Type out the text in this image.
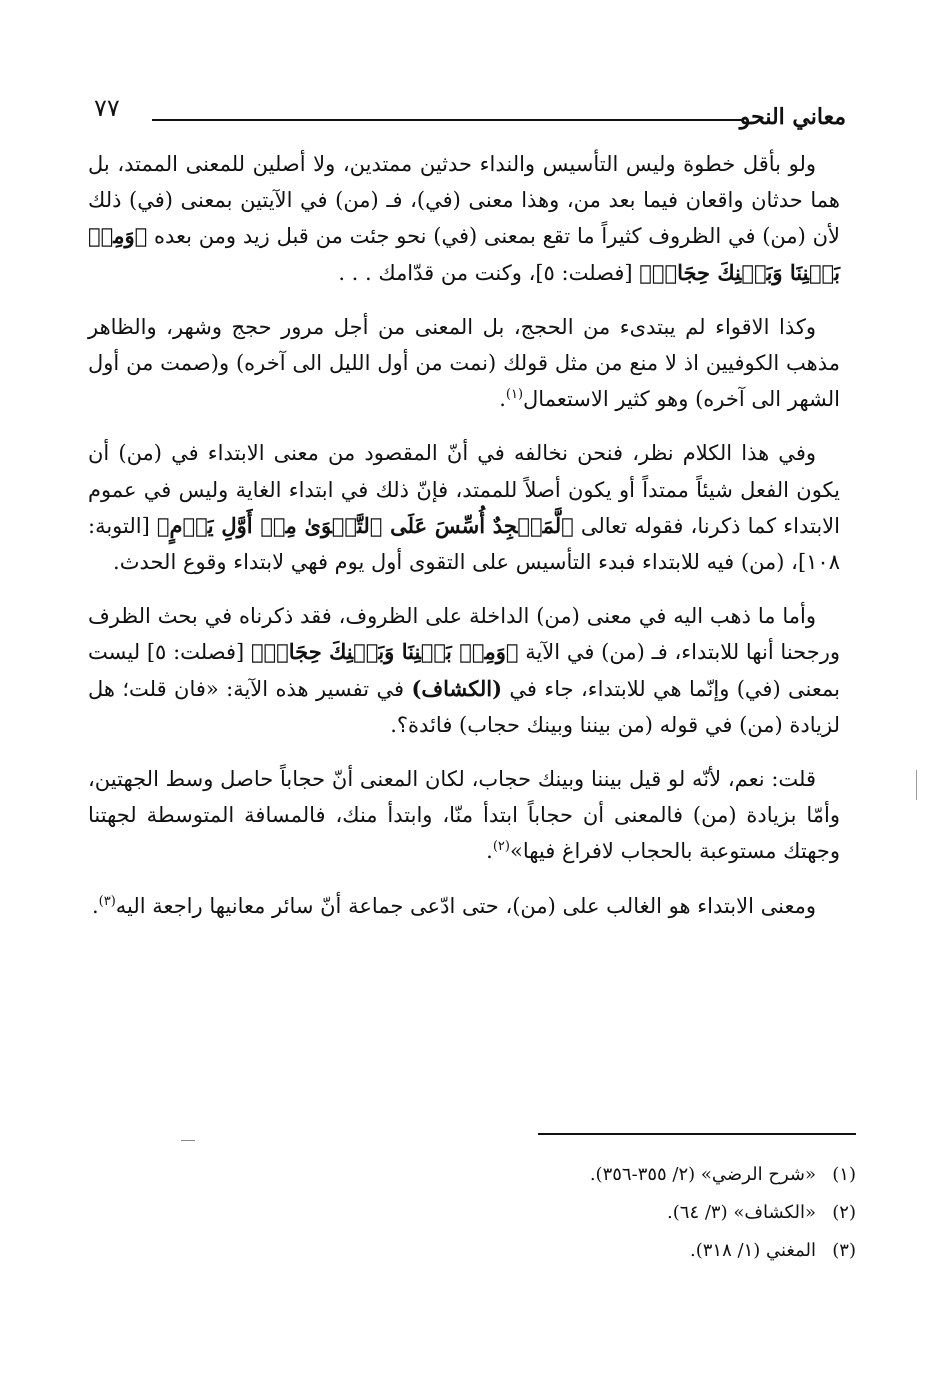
معاني النحو
٧٧

ولو بأقل خطوة وليس التأسيس والنداء حدثين ممتدين، ولا أصلين للمعنى الممتد، بل هما حدثان واقعان فيما بعد من، وهذا معنى (في)، فـ (من) في الآيتين بمعنى (في) ذلك لأن (من) في الظروف كثيراً ما تقع بمعنى (في) نحو جئت من قبل زيد ومن بعده ﴿وَمِنۢ بَيۡنِنَا وَبَيۡنِكَ حِجَابٞ﴾ [فصلت: ٥]، وكنت من قدّامك . . .

وكذا الاقواء لم يبتدىء من الحجج، بل المعنى من أجل مرور حجج وشهر، والظاهر مذهب الكوفيين اذ لا منع من مثل قولك (نمت من أول الليل الى آخره) و(صمت من أول الشهر الى آخره) وهو كثير الاستعمال$^{(١)}$.

وفي هذا الكلام نظر، فنحن نخالفه في أنّ المقصود من معنى الابتداء في (من) أن يكون الفعل شيئاً ممتداً أو يكون أصلاً للممتد، فإنّ ذلك في ابتداء الغاية وليس في عموم الابتداء كما ذكرنا، فقوله تعالى ﴿لَّمَسۡجِدٌ أُسِّسَ عَلَى ٱلتَّقۡوَىٰ مِنۡ أَوَّلِ يَوۡمٍ﴾ [التوبة: ١٠٨]، (من) فيه للابتداء فبدء التأسيس على التقوى أول يوم فهي لابتداء وقوع الحدث.

وأما ما ذهب اليه في معنى (من) الداخلة على الظروف، فقد ذكرناه في بحث الظرف ورجحنا أنها للابتداء، فـ (من) في الآية ﴿وَمِنۢ بَيۡنِنَا وَبَيۡنِكَ حِجَابٞ﴾ [فصلت: ٥] ليست بمعنى (في) وإنّما هي للابتداء، جاء في (الكشاف) في تفسير هذه الآية: «فان قلت؛ هل لزيادة (من) في قوله (من بيننا وبينك حجاب) فائدة؟.

قلت: نعم، لأنّه لو قيل بيننا وبينك حجاب، لكان المعنى أنّ حجاباً حاصل وسط الجهتين، وأمّا بزيادة (من) فالمعنى أن حجاباً ابتدأ منّا، وابتدأ منك، فالمسافة المتوسطة لجهتنا وجهتك مستوعبة بالحجاب لافراغ فيها»$^{(٢)}$.

ومعنى الابتداء هو الغالب على (من)، حتى ادّعى جماعة أنّ سائر معانيها راجعة اليه$^{(٣)}$.

(١)«شرح الرضي» (٢/ ٣٥٥-٣٥٦).
(٢)«الكشاف» (٣/ ٦٤).
(٣)المغني (١/ ٣١٨).
